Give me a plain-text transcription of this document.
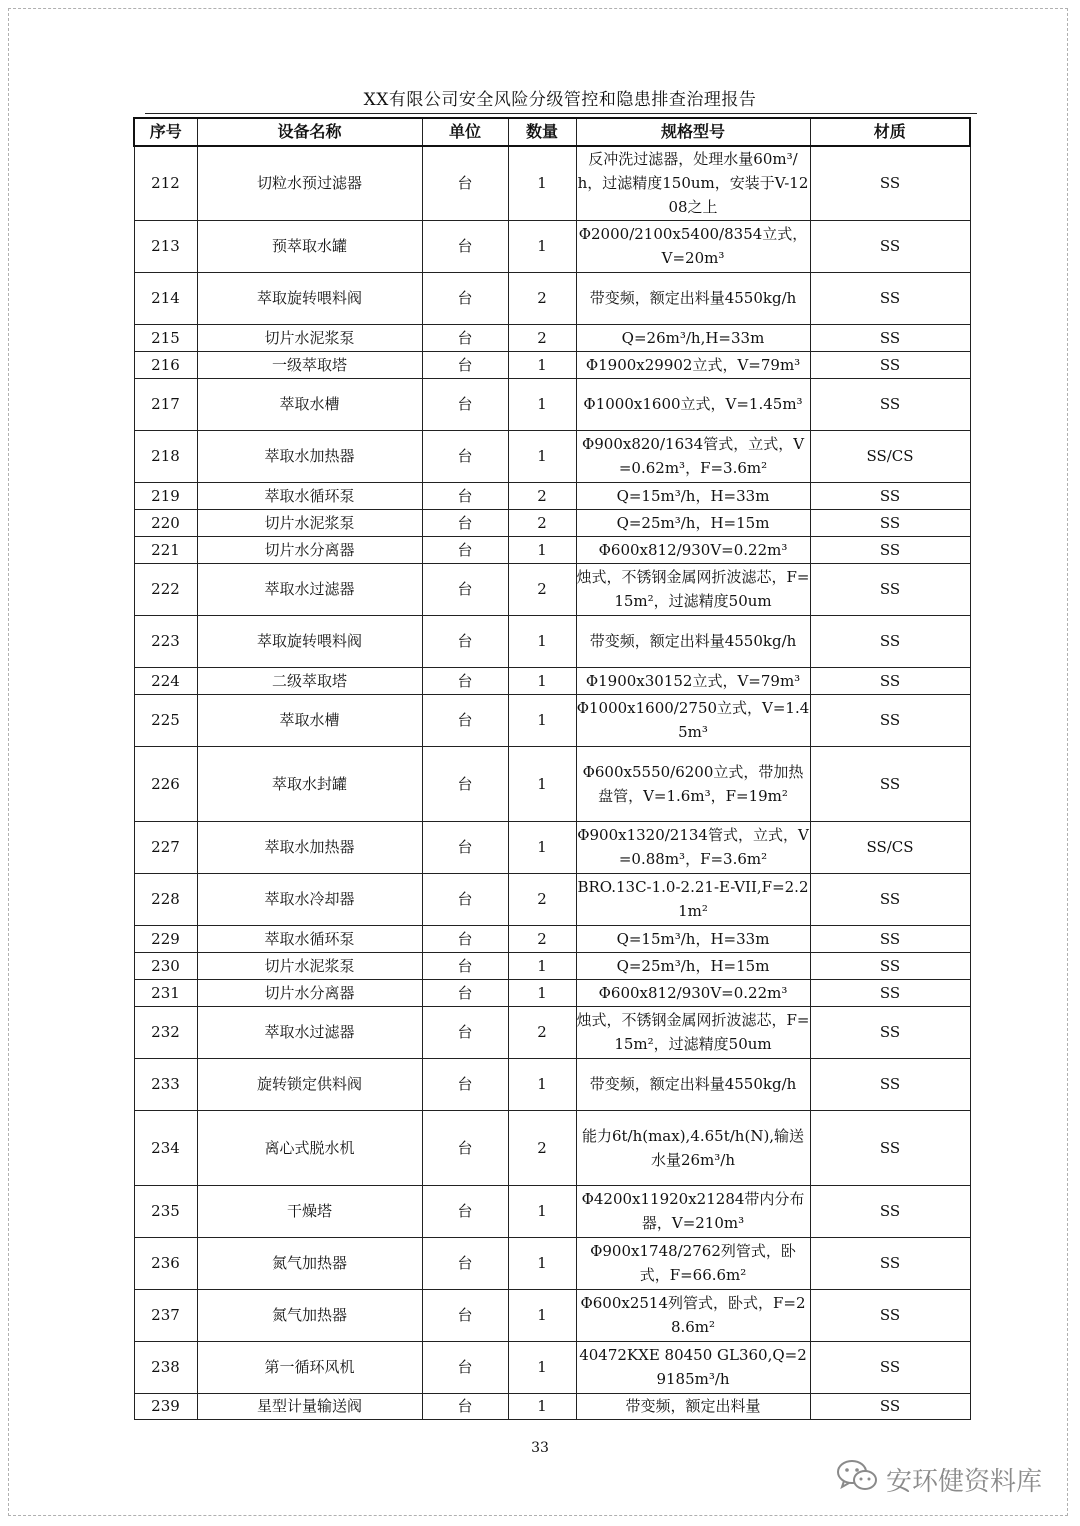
XX有限公司安全风险分级管控和隐患排查治理报告
序号	设备名称	单位	数量	规格型号	材质
212	切粒水预过滤器	台	1	反冲洗过滤器，处理水量60m³/h，过滤精度150um，安装于V-1208之上	SS
213	预萃取水罐	台	1	Φ2000/2100x5400/8354立式，V=20m³	SS
214	萃取旋转喂料阀	台	2	带变频，额定出料量4550kg/h	SS
215	切片水泥浆泵	台	2	Q=26m³/h,H=33m	SS
216	一级萃取塔	台	1	Φ1900x29902立式，V=79m³	SS
217	萃取水槽	台	1	Φ1000x1600立式，V=1.45m³	SS
218	萃取水加热器	台	1	Φ900x820/1634管式，立式，V=0.62m³，F=3.6m²	SS/CS
219	萃取水循环泵	台	2	Q=15m³/h，H=33m	SS
220	切片水泥浆泵	台	2	Q=25m³/h，H=15m	SS
221	切片水分离器	台	1	Φ600x812/930V=0.22m³	SS
222	萃取水过滤器	台	2	烛式，不锈钢金属网折波滤芯，F=15m²，过滤精度50um	SS
223	萃取旋转喂料阀	台	1	带变频，额定出料量4550kg/h	SS
224	二级萃取塔	台	1	Φ1900x30152立式，V=79m³	SS
225	萃取水槽	台	1	Φ1000x1600/2750立式，V=1.45m³	SS
226	萃取水封罐	台	1	Φ600x5550/6200立式，带加热盘管，V=1.6m³，F=19m²	SS
227	萃取水加热器	台	1	Φ900x1320/2134管式，立式，V=0.88m³，F=3.6m²	SS/CS
228	萃取水冷却器	台	2	BRO.13C-1.0-2.21-E-VII,F=2.21m²	SS
229	萃取水循环泵	台	2	Q=15m³/h，H=33m	SS
230	切片水泥浆泵	台	1	Q=25m³/h，H=15m	SS
231	切片水分离器	台	1	Φ600x812/930V=0.22m³	SS
232	萃取水过滤器	台	2	烛式，不锈钢金属网折波滤芯，F=15m²，过滤精度50um	SS
233	旋转锁定供料阀	台	1	带变频，额定出料量4550kg/h	SS
234	离心式脱水机	台	2	能力6t/h(max),4.65t/h(N),输送水量26m³/h	SS
235	干燥塔	台	1	Φ4200x11920x21284带内分布器，V=210m³	SS
236	氮气加热器	台	1	Φ900x1748/2762列管式，卧式，F=66.6m²	SS
237	氮气加热器	台	1	Φ600x2514列管式，卧式，F=28.6m²	SS
238	第一循环风机	台	1	40472KXE 80450 GL360,Q=29185m³/h	SS
239	星型计量输送阀	台	1	带变频，额定出料量	SS
33
安环健资料库
